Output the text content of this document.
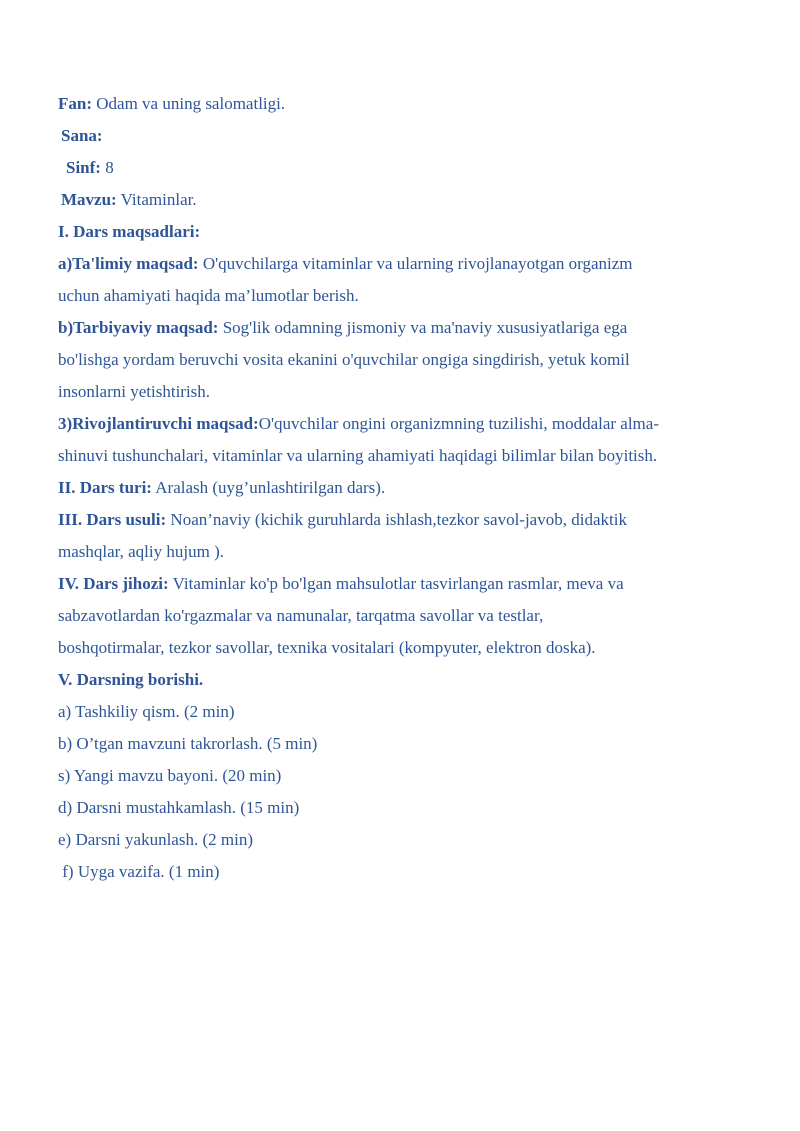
Fan: Odam va uning salomatligi.

Sana:

Sinf: 8

Mavzu: Vitaminlar.

I. Dars maqsadlari:

a)Ta'limiy maqsad: O'quvchilarga vitaminlar va ularning rivojlanayotgan organizm

uchun ahamiyati haqida ma’lumotlar berish.

b)Tarbiyaviy maqsad: Sog'lik odamning jismoniy va ma'naviy xususiyatlariga ega

bo'lishga yordam beruvchi vosita ekanini o'quvchilar ongiga singdirish, yetuk komil

insonlarni yetishtirish.

3)Rivojlantiruvchi maqsad:O'quvchilar ongini organizmning tuzilishi, moddalar alma-

shinuvi tushunchalari, vitaminlar va ularning ahamiyati haqidagi bilimlar bilan boyitish.

II. Dars turi: Aralash (uyg’unlashtirilgan dars).

III. Dars usuli: Noan’naviy (kichik guruhlarda ishlash,tezkor savol-javob, didaktik

mashqlar, aqliy hujum ).

IV. Dars jihozi: Vitaminlar ko'p bo'lgan mahsulotlar tasvirlangan rasmlar, meva va

sabzavotlardan ko'rgazmalar va namunalar, tarqatma savollar va testlar,

boshqotirmalar, tezkor savollar, texnika vositalari (kompyuter, elektron doska).

V. Darsning borishi.

a) Tashkiliy qism. (2 min)

b) O’tgan mavzuni takrorlash. (5 min)

s) Yangi mavzu bayoni. (20 min)

d) Darsni mustahkamlash. (15 min)

e) Darsni yakunlash. (2 min)

f) Uyga vazifa. (1 min)
